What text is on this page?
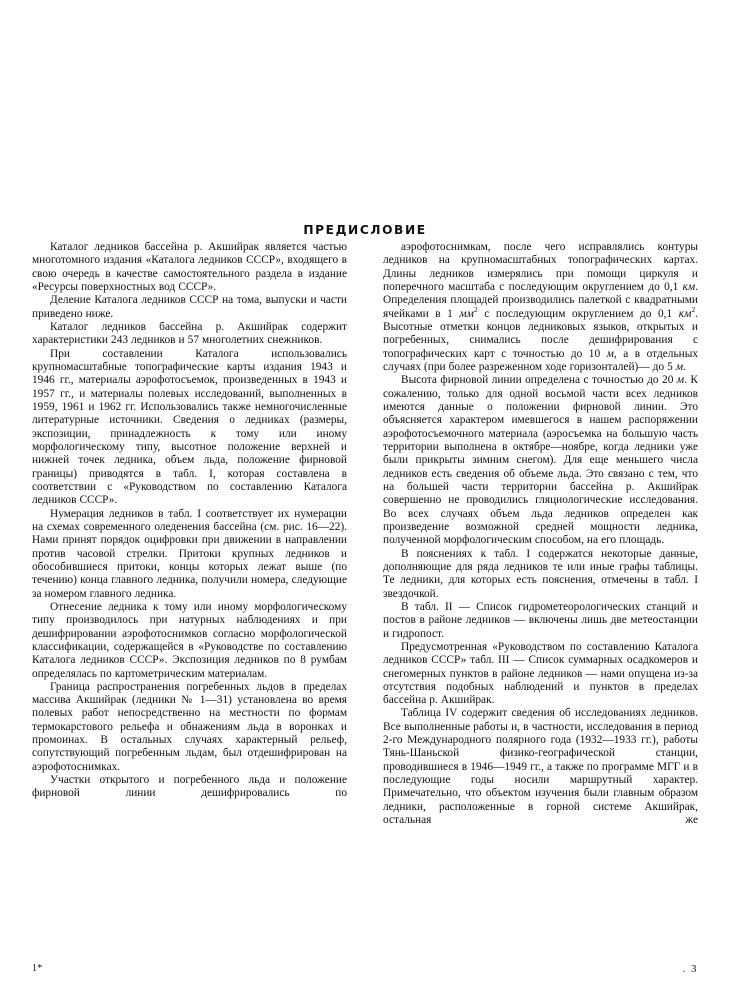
ПРЕДИСЛОВИЕ

Каталог ледников бассейна р. Акшийрак является частью многотомного издания «Каталога ледников СССР», входящего в свою очередь в качестве самостоятельного раздела в издание «Ресурсы поверхностных вод СССР».

Деление Каталога ледников СССР на тома, выпуски и части приведено ниже.

Каталог ледников бассейна р. Акшийрак содержит характеристики 243 ледников и 57 многолетних снежников.

При составлении Каталога использовались крупномасштабные топографические карты издания 1943 и 1946 гг., материалы аэрофотосъемок, произведенных в 1943 и 1957 гг., и материалы полевых исследований, выполненных в 1959, 1961 и 1962 гг. Использовались также немногочисленные литературные источники. Сведения о ледниках (размеры, экспозиции, принадлежность к тому или иному морфологическому типу, высотное положение верхней и нижней точек ледника, объем льда, положение фирновой границы) приводятся в табл. I, которая составлена в соответствии с «Руководством по составлению Каталога ледников СССР».

Нумерация ледников в табл. I соответствует их нумерации на схемах современного оледенения бассейна (см. рис. 16—22). Нами принят порядок оцифровки при движении в направлении против часовой стрелки. Притоки крупных ледников и обособившиеся притоки, концы которых лежат выше (по течению) конца главного ледника, получили номера, следующие за номером главного ледника.

Отнесение ледника к тому или иному морфологическому типу производилось при натурных наблюдениях и при дешифрировании аэрофотоснимков согласно морфологической классификации, содержащейся в «Руководстве по составлению Каталога ледников СССР». Экспозиция ледников по 8 румбам определялась по картометрическим материалам.

Граница распространения погребенных льдов в пределах массива Акшийрак (ледники № 1—31) установлена во время полевых работ непосредственно на местности по формам термокарстового рельефа и обнажениям льда в воронках и промоинах. В остальных случаях характерный рельеф, сопутствующий погребенным льдам, был отдешифрирован на аэрофотоснимках.

Участки открытого и погребенного льда и положение фирновой линии дешифрировались по

аэрофотоснимкам, после чего исправлялись контуры ледников на крупномасштабных топографических картах. Длины ледников измерялись при помощи циркуля и поперечного масштаба с последующим округлением до 0,1 км. Определения площадей производились палеткой с квадратными ячейками в 1 $мм^2$ с последующим округлением до 0,1 $км^2$. Высотные отметки концов ледниковых языков, открытых и погребенных, снимались после дешифрирования с топографических карт с точностью до 10 м, а в отдельных случаях (при более разреженном ходе горизонталей)— до 5 м.

Высота фирновой линии определена с точностью до 20 м. К сожалению, только для одной восьмой части всех ледников имеются данные о положении фирновой линии. Это объясняется характером имевшегося в нашем распоряжении аэрофотосъемочного материала (аэросъемка на большую часть территории выполнена в октябре—ноябре, когда ледники уже были прикрыты зимним снегом). Для еще меньшего числа ледников есть сведения об объеме льда. Это связано с тем, что на большей части территории бассейна р. Акшийрак совершенно не проводились гляциологические исследования. Во всех случаях объем льда ледников определен как произведение возможной средней мощности ледника, полученной морфологическим способом, на его площадь.

В пояснениях к табл. I содержатся некоторые данные, дополняющие для ряда ледников те или иные графы таблицы. Те ледники, для которых есть пояснения, отмечены в табл. I звездочкой.

В табл. II — Список гидрометеорологических станций и постов в районе ледников — включены лишь две метеостанции и гидропост.

Предусмотренная «Руководством по составлению Каталога ледников СССР» табл. III — Список суммарных осадкомеров и снегомерных пунктов в районе ледников — нами опущена из-за отсутствия подобных наблюдений и пунктов в пределах бассейна р. Акшийрак.

Таблица IV содержит сведения об исследованиях ледников. Все выполненные работы и, в частности, исследования в период 2-го Международного полярного года (1932—1933 гг.), работы Тянь-Шаньской физико-географической станции, проводившиеся в 1946—1949 гг., а также по программе МГГ и в последующие годы носили маршрутный характер. Примечательно, что объектом изучения были главным образом ледники, расположенные в горной системе Акшийрак, остальная же

1*	. 3
